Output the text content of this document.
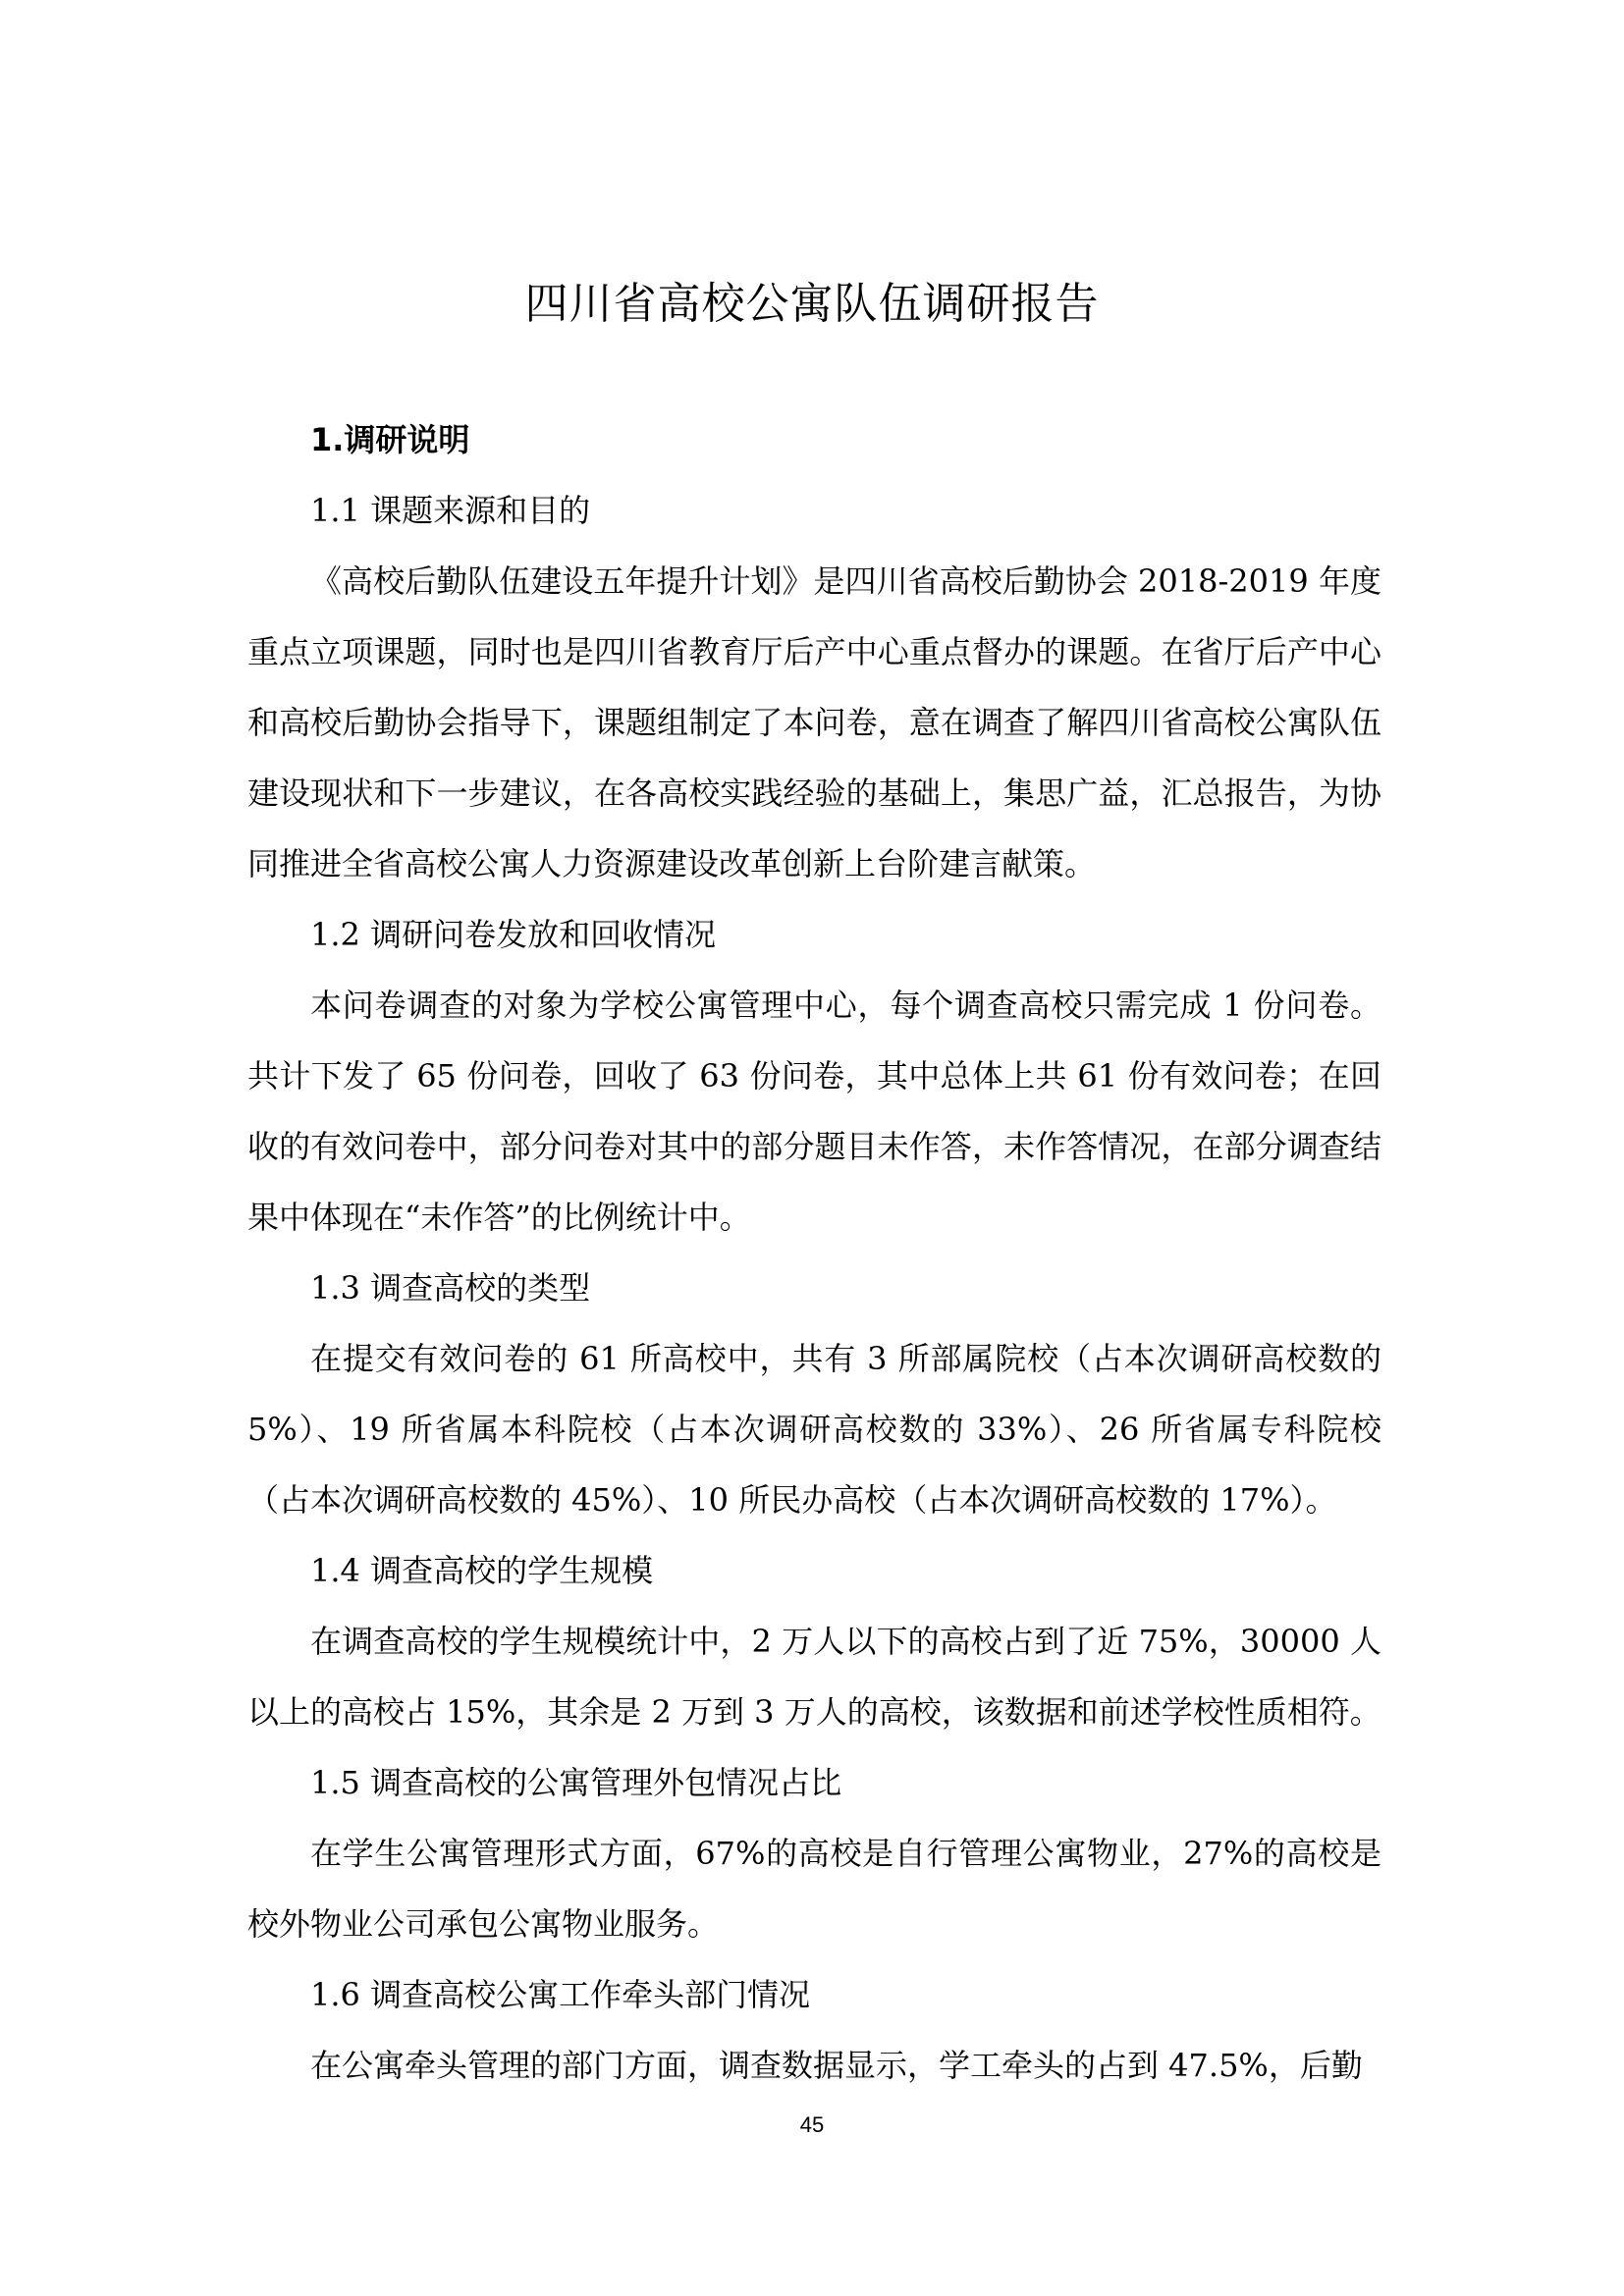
四川省高校公寓队伍调研报告

1.调研说明

1.1 课题来源和目的

《高校后勤队伍建设五年提升计划》是四川省高校后勤协会 2018-2019 年度重点立项课题，同时也是四川省教育厅后产中心重点督办的课题。在省厅后产中心和高校后勤协会指导下，课题组制定了本问卷，意在调查了解四川省高校公寓队伍建设现状和下一步建议，在各高校实践经验的基础上，集思广益，汇总报告，为协同推进全省高校公寓人力资源建设改革创新上台阶建言献策。

1.2 调研问卷发放和回收情况

本问卷调查的对象为学校公寓管理中心，每个调查高校只需完成 1 份问卷。共计下发了 65 份问卷，回收了 63 份问卷，其中总体上共 61 份有效问卷；在回收的有效问卷中，部分问卷对其中的部分题目未作答，未作答情况，在部分调查结果中体现在“未作答”的比例统计中。

1.3 调查高校的类型

在提交有效问卷的 61 所高校中，共有 3 所部属院校（占本次调研高校数的 5%）、19 所省属本科院校（占本次调研高校数的 33%）、26 所省属专科院校（占本次调研高校数的 45%）、10 所民办高校（占本次调研高校数的 17%）。

1.4 调查高校的学生规模

在调查高校的学生规模统计中，2 万人以下的高校占到了近 75%，30000 人以上的高校占 15%，其余是 2 万到 3 万人的高校，该数据和前述学校性质相符。

1.5 调查高校的公寓管理外包情况占比

在学生公寓管理形式方面，67%的高校是自行管理公寓物业，27%的高校是校外物业公司承包公寓物业服务。

1.6 调查高校公寓工作牵头部门情况

在公寓牵头管理的部门方面，调查数据显示，学工牵头的占到 47.5%，后勤

45
